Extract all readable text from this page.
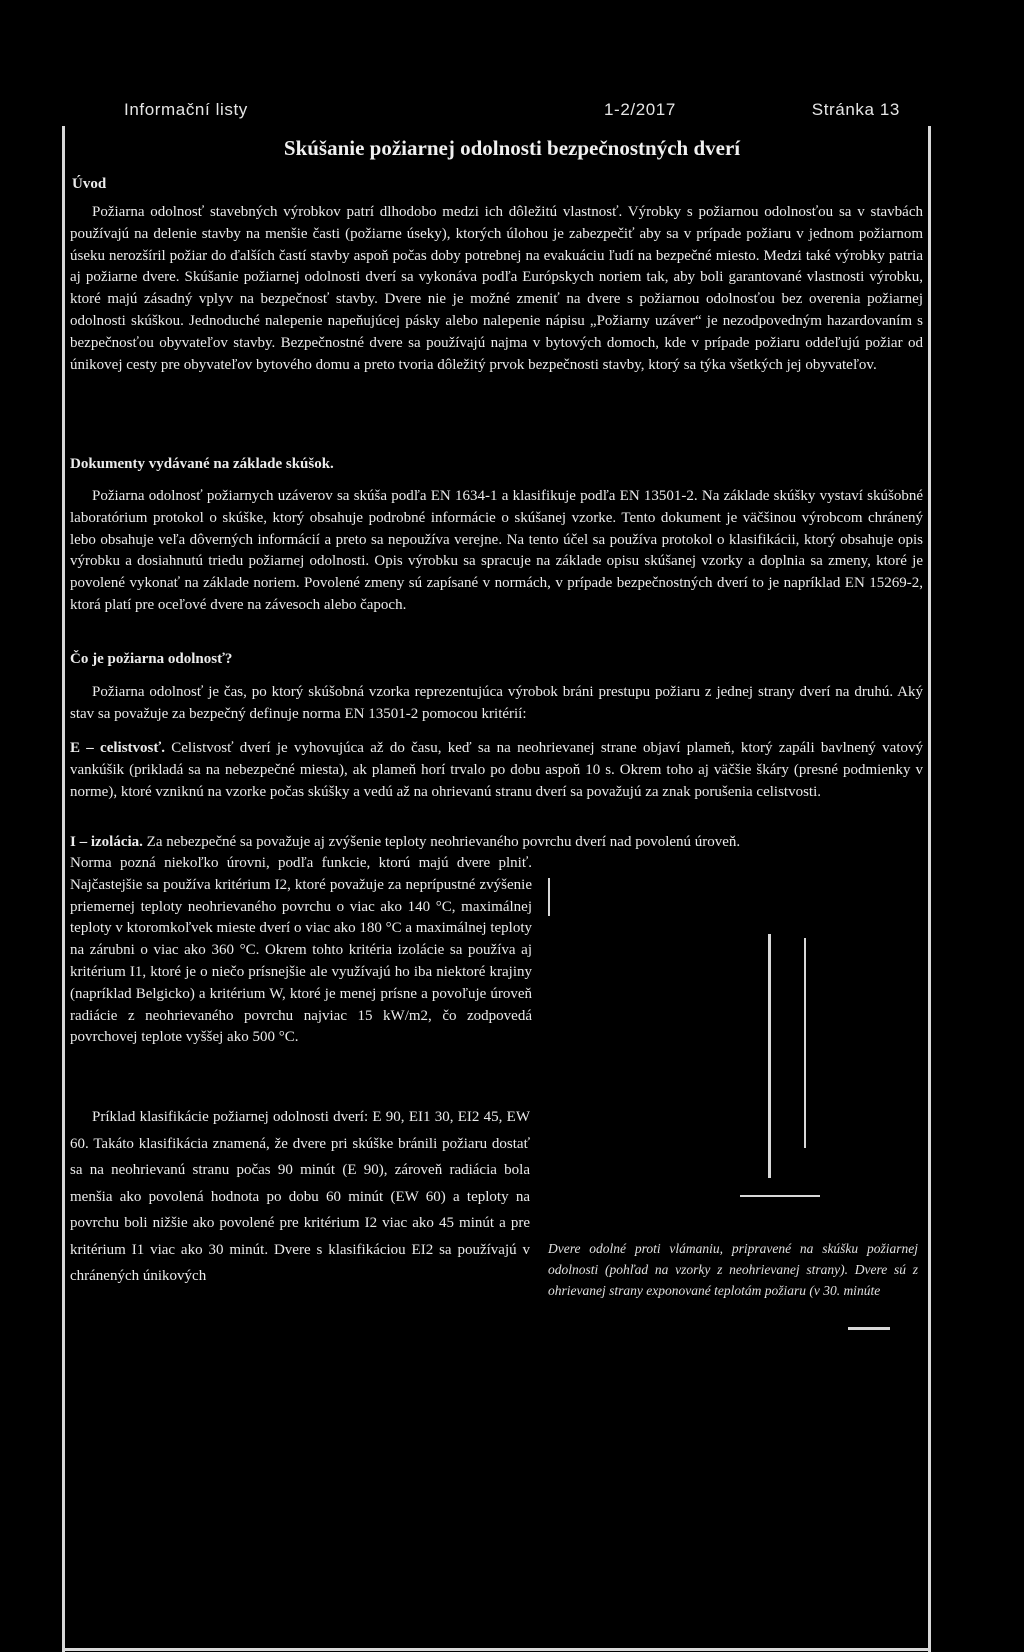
Informační listy	1-2/2017	Stránka 13
Skúšanie požiarnej odolnosti bezpečnostných dverí
Úvod

Požiarna odolnosť stavebných výrobkov patrí dlhodobo medzi ich dôležitú vlastnosť. Výrobky s požiarnou odolnosťou sa v stavbách používajú na delenie stavby na menšie časti (požiarne úseky), ktorých úlohou je zabezpečiť aby sa v prípade požiaru v jednom požiarnom úseku nerozšíril požiar do ďalších častí stavby aspoň počas doby potrebnej na evakuáciu ľudí na bezpečné miesto. Medzi také výrobky patria aj požiarne dvere. Skúšanie požiarnej odolnosti dverí sa vykonáva podľa Európskych noriem tak, aby boli garantované vlastnosti výrobku, ktoré majú zásadný vplyv na bezpečnosť stavby. Dvere nie je možné zmeniť na dvere s požiarnou odolnosťou bez overenia požiarnej odolnosti skúškou. Jednoduché nalepenie napeňujúcej pásky alebo nalepenie nápisu „Požiarny uzáver“ je nezodpovedným hazardovaním s bezpečnosťou obyvateľov stavby. Bezpečnostné dvere sa používajú najma v bytových domoch, kde v prípade požiaru oddeľujú požiar od únikovej cesty pre obyvateľov bytového domu a preto tvoria dôležitý prvok bezpečnosti stavby, ktorý sa týka všetkých jej obyvateľov.

Dokumenty vydávané na základe skúšok.

Požiarna odolnosť požiarnych uzáverov sa skúša podľa EN 1634-1 a klasifikuje podľa EN 13501-2. Na základe skúšky vystaví skúšobné laboratórium protokol o skúške, ktorý obsahuje podrobné informácie o skúšanej vzorke. Tento dokument je väčšinou výrobcom chránený lebo obsahuje veľa dôverných informácií a preto sa nepoužíva verejne. Na tento účel sa používa protokol o klasifikácii, ktorý obsahuje opis výrobku a dosiahnutú triedu požiarnej odolnosti. Opis výrobku sa spracuje na základe opisu skúšanej vzorky a doplnia sa zmeny, ktoré je povolené vykonať na základe noriem. Povolené zmeny sú zapísané v normách, v prípade bezpečnostných dverí to je napríklad EN 15269-2, ktorá platí pre oceľové dvere na závesoch alebo čapoch.

Čo je požiarna odolnosť?

Požiarna odolnosť je čas, po ktorý skúšobná vzorka reprezentujúca výrobok bráni prestupu požiaru z jednej strany dverí na druhú. Aký stav sa považuje za bezpečný definuje norma EN 13501-2 pomocou kritérií:

E – celistvosť. Celistvosť dverí je vyhovujúca až do času, keď sa na neohrievanej strane objaví plameň, ktorý zapáli bavlnený vatový vankúšik (prikladá sa na nebezpečné miesta), ak plameň horí trvalo po dobu aspoň 10 s. Okrem toho aj väčšie škáry (presné podmienky v norme), ktoré vzniknú na vzorke počas skúšky a vedú až na ohrievanú stranu dverí sa považujú za znak porušenia celistvosti.

I – izolácia. Za nebezpečné sa považuje aj zvýšenie teploty neohrievaného povrchu dverí nad povolenú úroveň.

Norma pozná niekoľko úrovni, podľa funkcie, ktorú majú dvere plniť. Najčastejšie sa používa kritérium I2, ktoré považuje za neprípustné zvýšenie priemernej teploty neohrievaného povrchu o viac ako 140 °C, maximálnej teploty v ktoromkoľvek mieste dverí o viac ako 180 °C a maximálnej teploty na zárubni o viac ako 360 °C. Okrem tohto kritéria izolácie sa používa aj kritérium I1, ktoré je o niečo prísnejšie ale využívajú ho iba niektoré krajiny (napríklad Belgicko) a kritérium W, ktoré je menej prísne a povoľuje úroveň radiácie z neohrievaného povrchu najviac 15 kW/m2, čo zodpovedá povrchovej teplote vyššej ako 500 °C.

Príklad klasifikácie požiarnej odolnosti dverí: E 90, EI1 30, EI2 45, EW 60. Takáto klasifikácia znamená, že dvere pri skúške bránili požiaru dostať sa na neohrievanú stranu počas 90 minút (E 90), zároveň radiácia bola menšia ako povolená hodnota po dobu 60 minút (EW 60) a teploty na povrchu boli nižšie ako povolené pre kritérium I2 viac ako 45 minút a pre kritérium I1 viac ako 30 minút. Dvere s klasifikáciou EI2 sa používajú v chránených únikových

Dvere odolné proti vlámaniu, pripravené na skúšku požiarnej odolnosti (pohľad na vzorky z neohrievanej strany). Dvere sú z ohrievanej strany exponované teplotám požiaru (v 30. minúte
